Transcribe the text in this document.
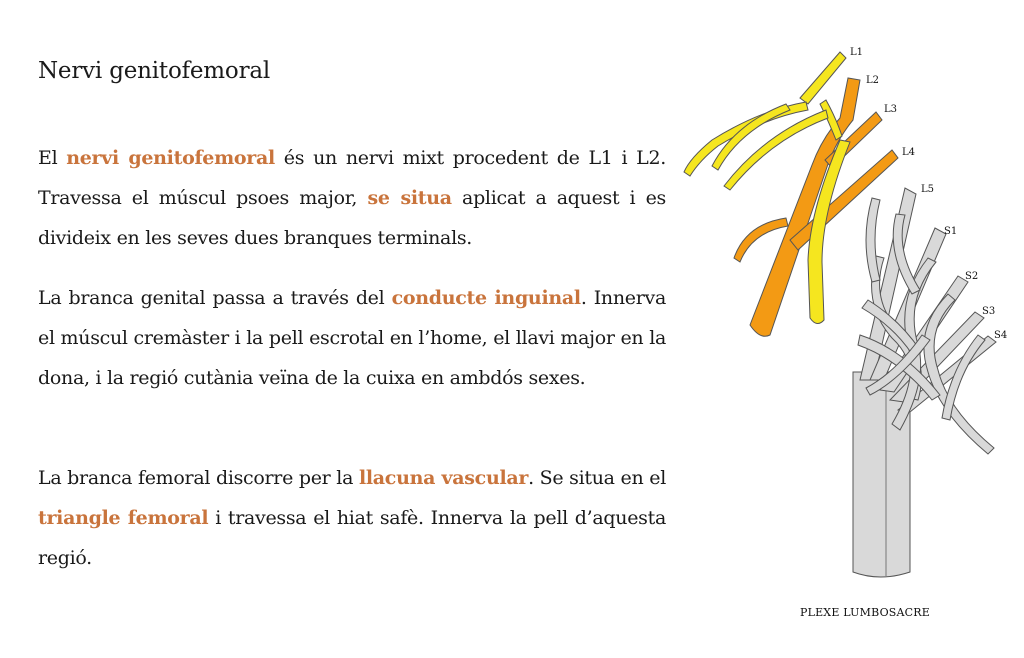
Nervi genitofemoral

El nervi genitofemoral és un nervi mixt procedent de L1 i L2. Travessa el múscul psoes major, se situa aplicat a aquest i es divideix en les seves dues branques terminals.

La branca genital passa a través del conducte inguinal. Innerva el múscul cremàster i la pell escrotal en l’home, el llavi major en la dona, i la regió cutània veïna de la cuixa en ambdós sexes.

La branca femoral discorre per la llacuna vascular. Se situa en el triangle femoral i travessa el hiat safè. Innerva la pell d’aquesta regió.

L1
L2
L3
L4
L5
S1
S2
S3
S4
PLEXE LUMBOSACRE
